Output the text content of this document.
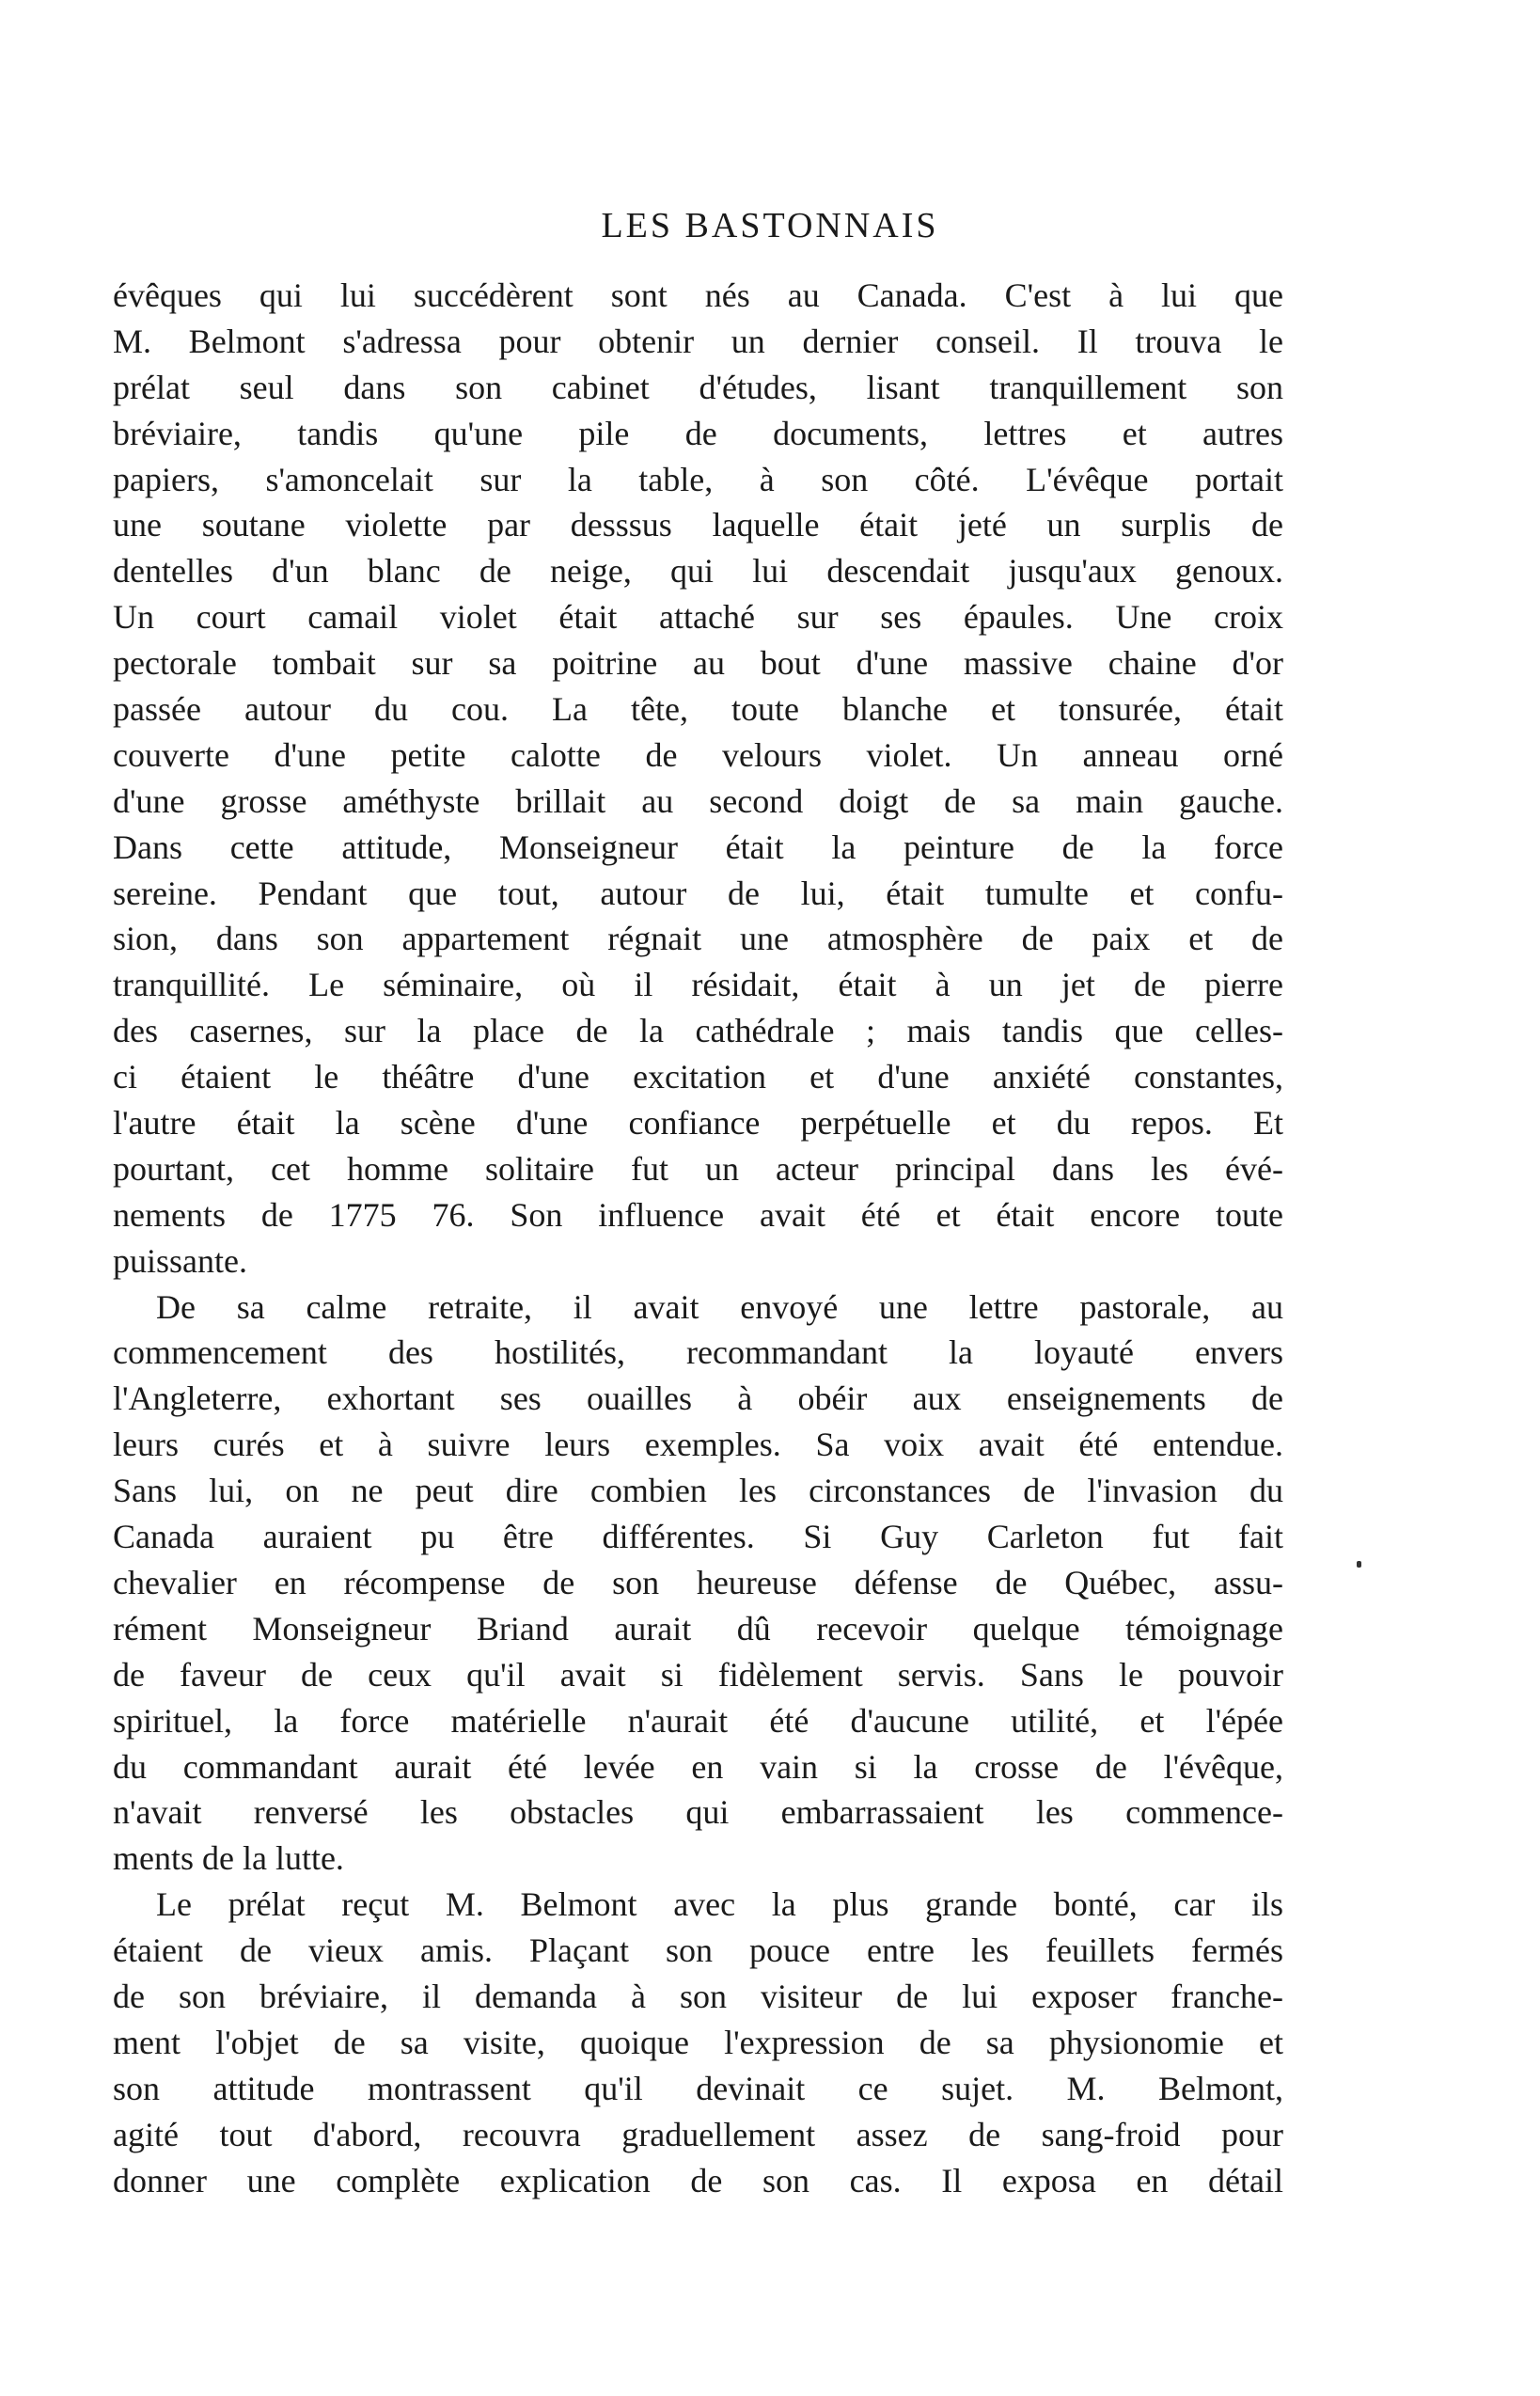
LES BASTONNAIS
évêques qui lui succédèrent sont nés au Canada. C'est à lui que
M. Belmont s'adressa pour obtenir un dernier conseil. Il trouva le
prélat seul dans son cabinet d'études, lisant tranquillement son
bréviaire, tandis qu'une pile de documents, lettres et autres
papiers, s'amoncelait sur la table, à son côté. L'évêque portait
une soutane violette par desssus laquelle était jeté un surplis de
dentelles d'un blanc de neige, qui lui descendait jusqu'aux genoux.
Un court camail violet était attaché sur ses épaules. Une croix
pectorale tombait sur sa poitrine au bout d'une massive chaine d'or
passée autour du cou. La tête, toute blanche et tonsurée, était
couverte d'une petite calotte de velours violet. Un anneau orné
d'une grosse améthyste brillait au second doigt de sa main gauche.
Dans cette attitude, Monseigneur était la peinture de la force
sereine. Pendant que tout, autour de lui, était tumulte et confu-
sion, dans son appartement régnait une atmosphère de paix et de
tranquillité. Le séminaire, où il résidait, était à un jet de pierre
des casernes, sur la place de la cathédrale ; mais tandis que celles-
ci étaient le théâtre d'une excitation et d'une anxiété constantes,
l'autre était la scène d'une confiance perpétuelle et du repos. Et
pourtant, cet homme solitaire fut un acteur principal dans les évé-
nements de 1775 76. Son influence avait été et était encore toute
puissante.
De sa calme retraite, il avait envoyé une lettre pastorale, au
commencement des hostilités, recommandant la loyauté envers
l'Angleterre, exhortant ses ouailles à obéir aux enseignements de
leurs curés et à suivre leurs exemples. Sa voix avait été entendue.
Sans lui, on ne peut dire combien les circonstances de l'invasion du
Canada auraient pu être différentes. Si Guy Carleton fut fait
chevalier en récompense de son heureuse défense de Québec, assu-
rément Monseigneur Briand aurait dû recevoir quelque témoignage
de faveur de ceux qu'il avait si fidèlement servis. Sans le pouvoir
spirituel, la force matérielle n'aurait été d'aucune utilité, et l'épée
du commandant aurait été levée en vain si la crosse de l'évêque,
n'avait renversé les obstacles qui embarrassaient les commence-
ments de la lutte.
Le prélat reçut M. Belmont avec la plus grande bonté, car ils
étaient de vieux amis. Plaçant son pouce entre les feuillets fermés
de son bréviaire, il demanda à son visiteur de lui exposer franche-
ment l'objet de sa visite, quoique l'expression de sa physionomie et
son attitude montrassent qu'il devinait ce sujet. M. Belmont,
agité tout d'abord, recouvra graduellement assez de sang-froid pour
donner une complète explication de son cas. Il exposa en détail
